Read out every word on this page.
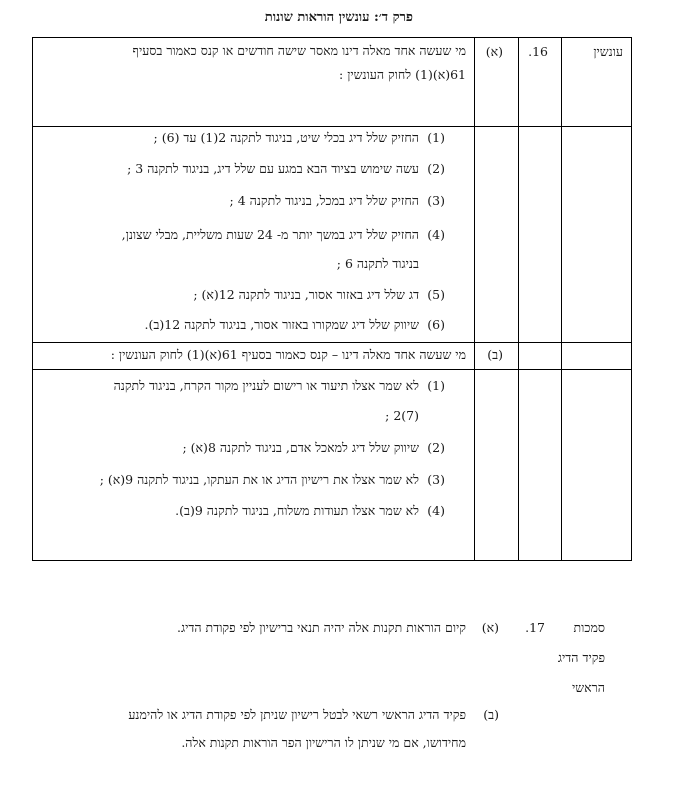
פרק ד׳: עונשין הוראות שונות
עונשין
16.
(א)
מי שעשה אחד מאלה דינו מאסר שישה חודשים או קנס כאמור בסעיף
61(א)(1) לחוק העונשין :
(1)
החזיק שלל דיג בכלי שיט, בניגוד לתקנה 2(1) עד (6) ;
(2)
עשה שימוש בציוד הבא במגע עם שלל דיג, בניגוד לתקנה 3 ;
(3)
החזיק שלל דיג במכל, בניגוד לתקנה 4 ;
(4)
החזיק שלל דיג במשך יותר מ- 24 שעות משליית, מבלי שצונן,
בניגוד לתקנה 6 ;
(5)
דג שלל דיג באזור אסור, בניגוד לתקנה 12(א) ;
(6)
שיווק שלל דיג שמקורו באזור אסור, בניגוד לתקנה 12(ב).
(ב)
מי שעשה אחד מאלה דינו – קנס כאמור בסעיף 61(א)(1) לחוק העונשין :
(1)
לא שמר אצלו תיעוד או רישום לעניין מקור הקרח, בניגוד לתקנה
(7)2 ;
(2)
שיווק שלל דיג למאכל אדם, בניגוד לתקנה 8(א) ;
(3)
לא שמר אצלו את רישיון הדיג או את העתקו, בניגוד לתקנה 9(א) ;
(4)
לא שמר אצלו תעודות משלוח, בניגוד לתקנה 9(ב).
סמכות
פקיד הדיג
הראשי
17.
(א)
קיום הוראות תקנות אלה יהיה תנאי ברישיון לפי פקודת הדיג.
(ב)
פקיד הדיג הראשי רשאי לבטל רישיון שניתן לפי פקודת הדיג או להימנע
מחידושו, אם מי שניתן לו הרישיון הפר הוראות תקנות אלה.
